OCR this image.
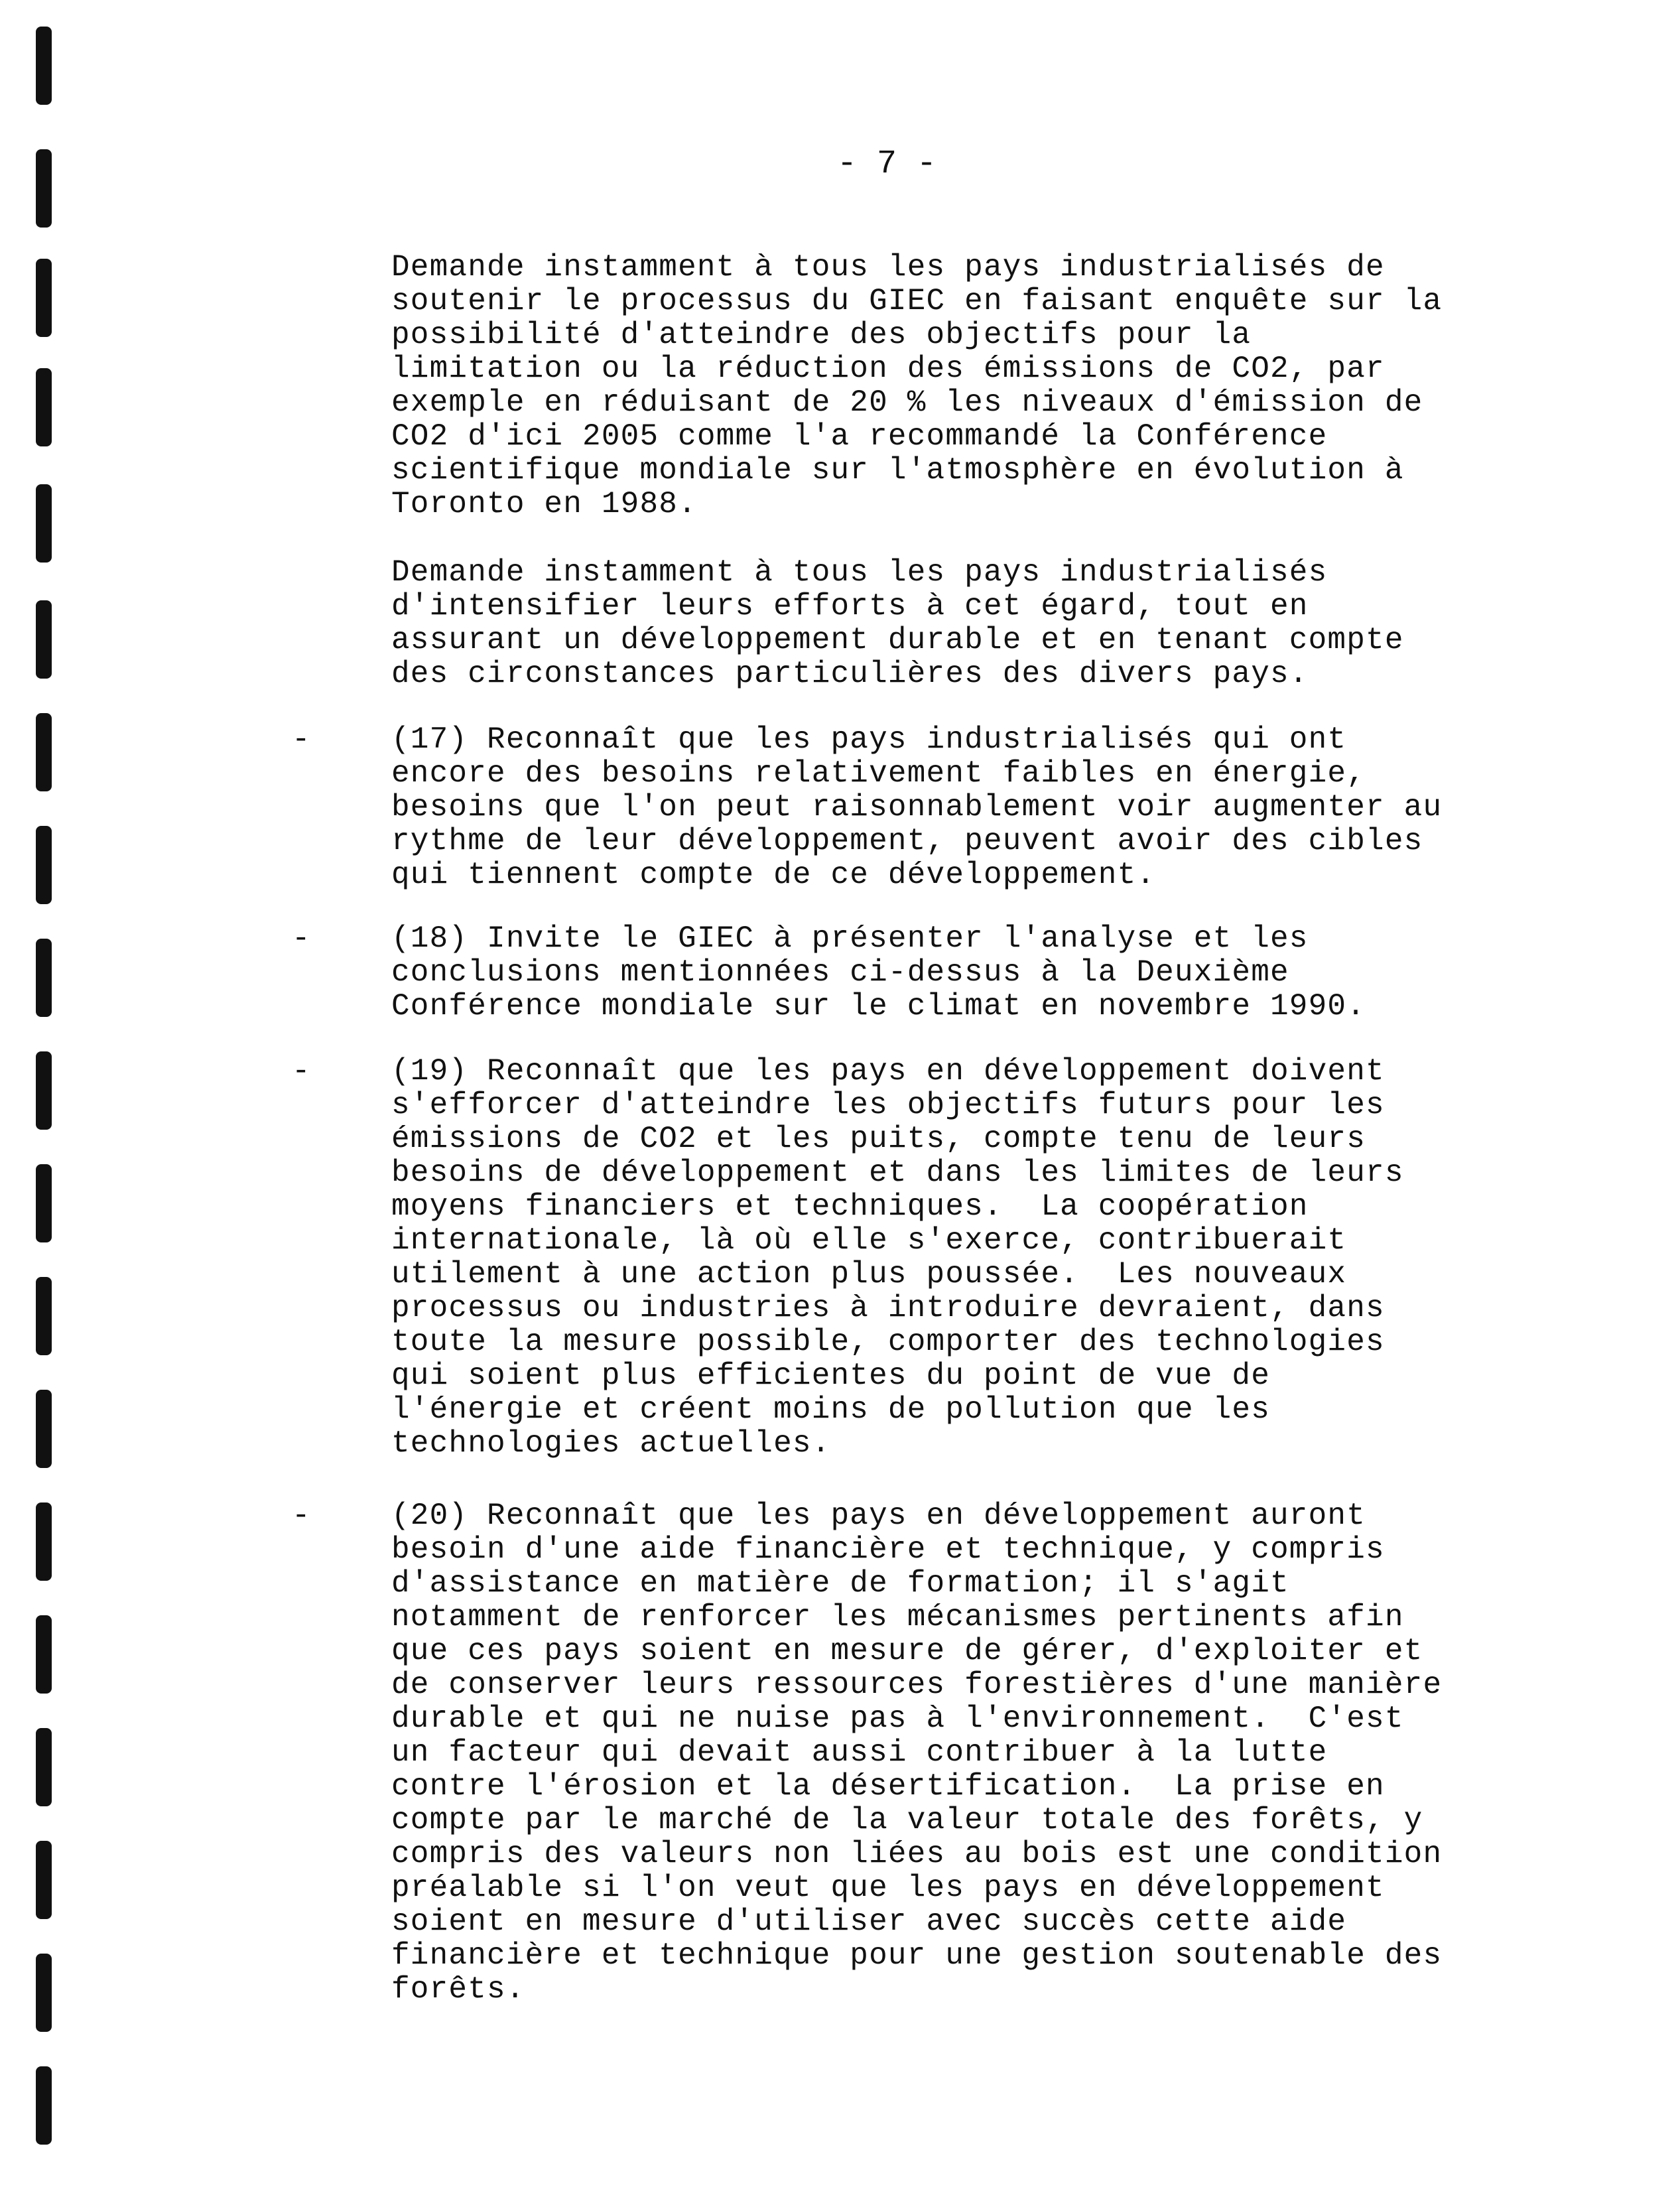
- 7 -
Demande instamment à tous les pays industrialisés de
soutenir le processus du GIEC en faisant enquête sur la
possibilité d'atteindre des objectifs pour la
limitation ou la réduction des émissions de CO2, par
exemple en réduisant de 20 % les niveaux d'émission de
CO2 d'ici 2005 comme l'a recommandé la Conférence
scientifique mondiale sur l'atmosphère en évolution à
Toronto en 1988.
Demande instamment à tous les pays industrialisés
d'intensifier leurs efforts à cet égard, tout en
assurant un développement durable et en tenant compte
des circonstances particulières des divers pays.
(17) Reconnaît que les pays industrialisés qui ont
encore des besoins relativement faibles en énergie,
besoins que l'on peut raisonnablement voir augmenter au
rythme de leur développement, peuvent avoir des cibles
qui tiennent compte de ce développement.
-
(18) Invite le GIEC à présenter l'analyse et les
conclusions mentionnées ci-dessus à la Deuxième
Conférence mondiale sur le climat en novembre 1990.
-
(19) Reconnaît que les pays en développement doivent
s'efforcer d'atteindre les objectifs futurs pour les
émissions de CO2 et les puits, compte tenu de leurs
besoins de développement et dans les limites de leurs
moyens financiers et techniques.  La coopération
internationale, là où elle s'exerce, contribuerait
utilement à une action plus poussée.  Les nouveaux
processus ou industries à introduire devraient, dans
toute la mesure possible, comporter des technologies
qui soient plus efficientes du point de vue de
l'énergie et créent moins de pollution que les
technologies actuelles.
-
(20) Reconnaît que les pays en développement auront
besoin d'une aide financière et technique, y compris
d'assistance en matière de formation; il s'agit
notamment de renforcer les mécanismes pertinents afin
que ces pays soient en mesure de gérer, d'exploiter et
de conserver leurs ressources forestières d'une manière
durable et qui ne nuise pas à l'environnement.  C'est
un facteur qui devait aussi contribuer à la lutte
contre l'érosion et la désertification.  La prise en
compte par le marché de la valeur totale des forêts, y
compris des valeurs non liées au bois est une condition
préalable si l'on veut que les pays en développement
soient en mesure d'utiliser avec succès cette aide
financière et technique pour une gestion soutenable des
forêts.
-
